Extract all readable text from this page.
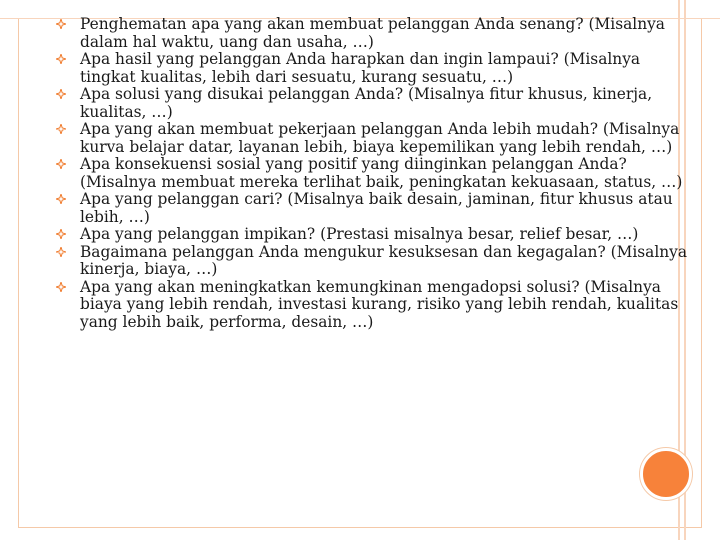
Penghematan apa yang akan membuat pelanggan Anda senang? (Misalnya dalam hal waktu, uang dan usaha, …)
Apa hasil yang pelanggan Anda harapkan dan ingin lampaui? (Misalnya tingkat kualitas, lebih dari sesuatu, kurang sesuatu, …)
Apa solusi yang disukai pelanggan Anda? (Misalnya fitur khusus, kinerja, kualitas, …)
Apa yang akan membuat pekerjaan pelanggan Anda lebih mudah? (Misalnya kurva belajar datar, layanan lebih, biaya kepemilikan yang lebih rendah, …)
Apa konsekuensi sosial yang positif yang diinginkan pelanggan Anda? (Misalnya membuat mereka terlihat baik, peningkatan kekuasaan, status, …)
Apa yang pelanggan cari? (Misalnya baik desain, jaminan, fitur khusus atau lebih, …)
Apa yang pelanggan impikan? (Prestasi misalnya besar, relief besar, …)
Bagaimana pelanggan Anda mengukur kesuksesan dan kegagalan? (Misalnya kinerja, biaya, …)
Apa yang akan meningkatkan kemungkinan mengadopsi solusi? (Misalnya biaya yang lebih rendah, investasi kurang, risiko yang lebih rendah, kualitas yang lebih baik, performa, desain, …)
